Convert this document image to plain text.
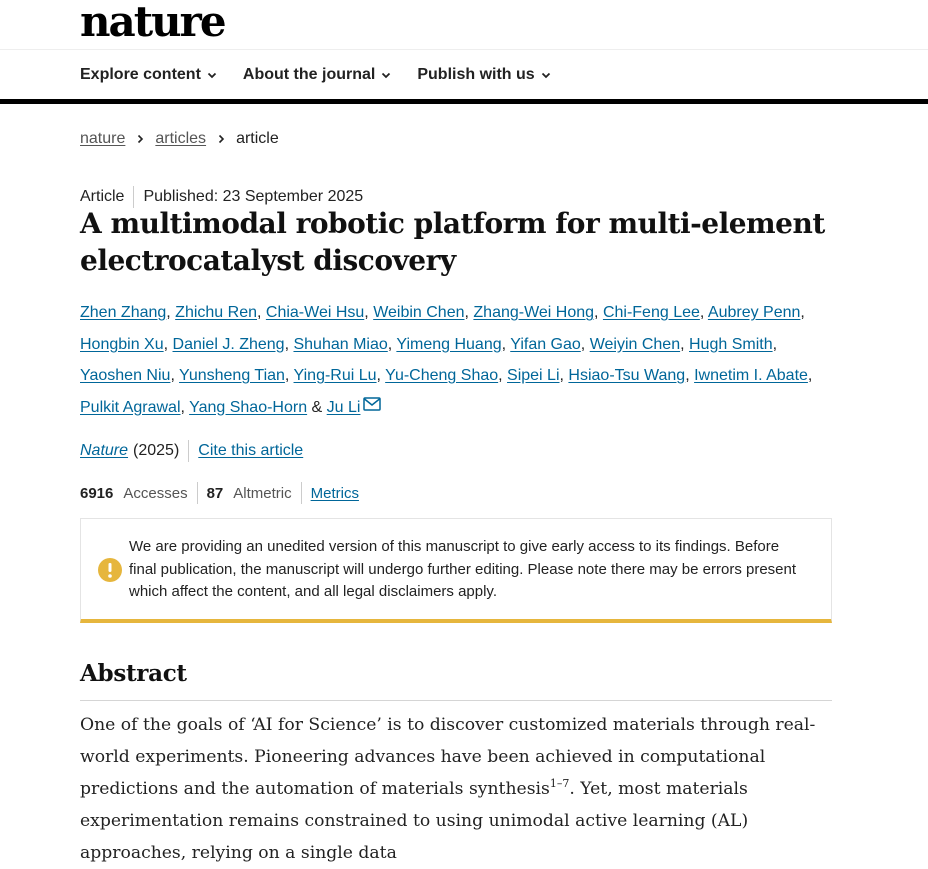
nature
Explore content	About the journal	Publish with us
nature articles article
Article Published: 23 September 2025
A multimodal robotic platform for multi-element electrocatalyst discovery
Zhen Zhang, Zhichu Ren, Chia-Wei Hsu, Weibin Chen, Zhang-Wei Hong, Chi-Feng Lee, Aubrey Penn, Hongbin Xu, Daniel J. Zheng, Shuhan Miao, Yimeng Huang, Yifan Gao, Weiyin Chen, Hugh Smith, Yaoshen Niu, Yunsheng Tian, Ying-Rui Lu, Yu-Cheng Shao, Sipei Li, Hsiao-Tsu Wang, Iwnetim I. Abate, Pulkit Agrawal, Yang Shao-Horn & Ju Li
Nature (2025) Cite this article
6916 Accesses 87 Altmetric Metrics
We are providing an unedited version of this manuscript to give early access to its findings. Before final publication, the manuscript will undergo further editing. Please note there may be errors present which affect the content, and all legal disclaimers apply.
Abstract

One of the goals of ‘AI for Science’ is to discover customized materials through real-world experiments. Pioneering advances have been achieved in computational predictions and the automation of materials synthesis$^{1-7}$. Yet, most materials experimentation remains constrained to using unimodal active learning (AL) approaches, relying on a single data
